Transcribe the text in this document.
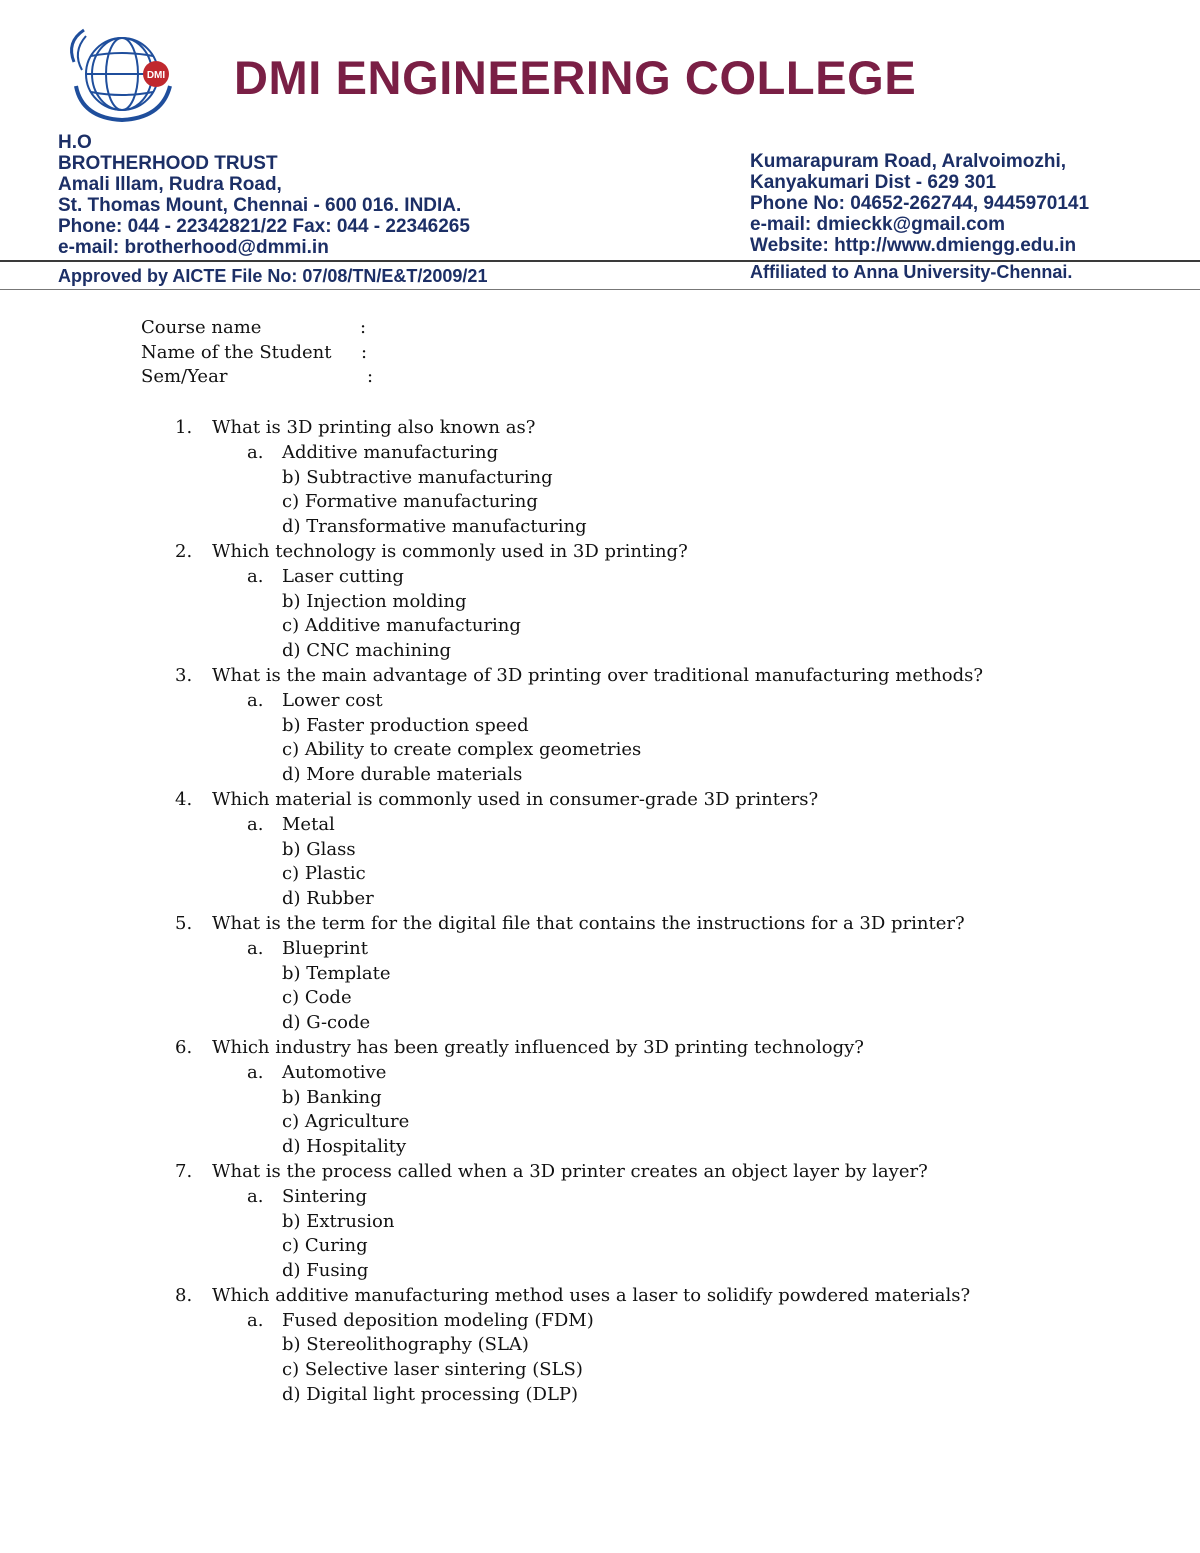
DMI DMI ENGINEERING COLLEGE
H.O
BROTHERHOOD TRUST
Amali Illam, Rudra Road,
St. Thomas Mount, Chennai - 600 016. INDIA.
Phone: 044 - 22342821/22 Fax: 044 - 22346265
e-mail: brotherhood@dmmi.in
Kumarapuram Road, Aralvoimozhi,
Kanyakumari Dist - 629 301
Phone No: 04652-262744, 9445970141
e-mail: dmieckk@gmail.com
Website: http://www.dmiengg.edu.in
Approved by AICTE File No: 07/08/TN/E&T/2009/21	Affiliated to Anna University-Chennai.
Course name	:
Name of the Student :
Sem/Year	:
1. What is 3D printing also known as?
a. Additive manufacturing
b) Subtractive manufacturing
c) Formative manufacturing
d) Transformative manufacturing
2. Which technology is commonly used in 3D printing?
a. Laser cutting
b) Injection molding
c) Additive manufacturing
d) CNC machining
3. What is the main advantage of 3D printing over traditional manufacturing methods?
a. Lower cost
b) Faster production speed
c) Ability to create complex geometries
d) More durable materials
4. Which material is commonly used in consumer-grade 3D printers?
a. Metal
b) Glass
c) Plastic
d) Rubber
5. What is the term for the digital file that contains the instructions for a 3D printer?
a. Blueprint
b) Template
c) Code
d) G-code
6. Which industry has been greatly influenced by 3D printing technology?
a. Automotive
b) Banking
c) Agriculture
d) Hospitality
7. What is the process called when a 3D printer creates an object layer by layer?
a. Sintering
b) Extrusion
c) Curing
d) Fusing
8. Which additive manufacturing method uses a laser to solidify powdered materials?
a. Fused deposition modeling (FDM)
b) Stereolithography (SLA)
c) Selective laser sintering (SLS)
d) Digital light processing (DLP)
